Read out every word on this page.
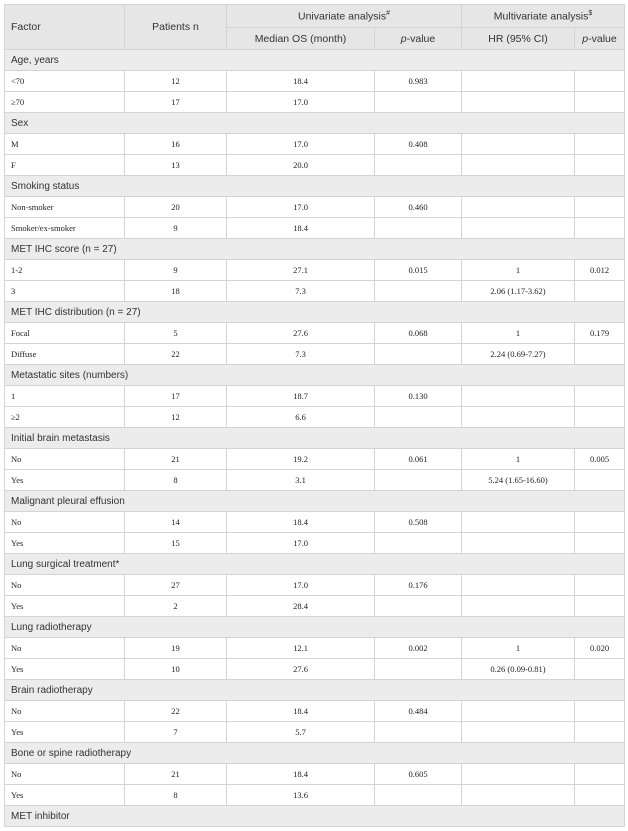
Factor	Patients n	Univariate analysis#		Multivariate analysis$
		Median OS (month)	p-value	HR (95% CI)	p-value
Age, years					
<70	12	18.4	0.983		
≥70	17	17.0			
Sex					
M	16	17.0	0.408		
F	13	20.0			
Smoking status					
Non-smoker	20	17.0	0.460		
Smoker/ex-smoker	9	18.4			
MET IHC score (n = 27)					
1-2	9	27.1	0.015	1	0.012
3	18	7.3		2.06 (1.17-3.62)	
MET IHC distribution (n = 27)					
Focal	5	27.6	0.068	1	0.179
Diffuse	22	7.3		2.24 (0.69-7.27)	
Metastatic sites (numbers)					
1	17	18.7	0.130		
≥2	12	6.6			
Initial brain metastasis					
No	21	19.2	0.061	1	0.005
Yes	8	3.1		5.24 (1.65-16.60)	
Malignant pleural effusion					
No	14	18.4	0.508		
Yes	15	17.0			
Lung surgical treatment*					
No	27	17.0	0.176		
Yes	2	28.4			
Lung radiotherapy					
No	19	12.1	0.002	1	0.020
Yes	10	27.6		0.26 (0.09-0.81)	
Brain radiotherapy					
No	22	18.4	0.484		
Yes	7	5.7			
Bone or spine radiotherapy					
No	21	18.4	0.605		
Yes	8	13.6			
MET inhibitor					
